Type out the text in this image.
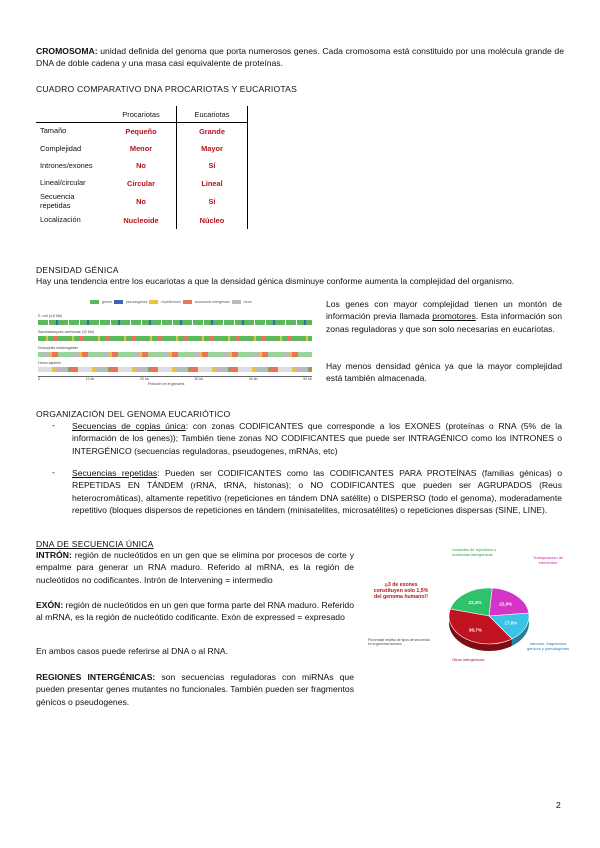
CROMOSOMA: unidad definida del genoma que porta numerosos genes. Cada cromosoma está constituido por una molécula grande de DNA de doble cadena y una masa casi equivalente de proteínas.

CUADRO COMPARATIVO DNA PROCARIOTAS Y EUCARIOTAS

	Procariotas	Eucariotas
Tamaño	Pequeño	Grande
Complejidad	Menor	Mayor
Intrones/exones	No	Sí
Lineal/circular	Circular	Lineal
Secuencia repetidas	No	Sí
Localización	Nucleoide	Núcleo

DENSIDAD GÉNICA

Hay una tendencia entre los eucariotas a que la densidad génica disminuye conforme aumenta la complejidad del organismo.

genes	pseudogenes	repeticiones	secuencia intergénica	otros
E. coli (4,6 Mb)
Saccharomyces cerevisiae (12 Mb)
Drosophila melanogaster
Homo sapiens
0	10 kb	20 kb	30 kb	40 kb	50 kb
Posición en el genoma

Los genes con mayor complejidad tienen un montón de información previa llamada promotores. Esta información son zonas reguladoras y que son solo necesarias en eucariotas.

Hay menos densidad génica ya que la mayor complejidad está también almacenada.

ORGANIZACIÓN DEL GENOMA EUCARIÓTICO

- Secuencias de copias única: con zonas CODIFICANTES que corresponde a los EXONES (proteínas o RNA (5% de la información de los genes)); También tiene zonas NO CODIFICANTES que puede ser INTRAGÉNICO como los INTRONES o INTERGÉNICO (secuencias reguladoras, pseudogenes, mRNAs, etc)

- Secuencias repetidas: Pueden ser CODIFICANTES como las CODIFICANTES PARA PROTEÍNAS (familias génicas) o REPETIDAS EN TÁNDEM (rRNA, tRNA, histonas); o NO CODIFICANTES que pueden ser AGRUPADOS (Reus heterocromáticas), altamente repetitivo (repeticiones en tándem DNA satélite) o DISPERSO (todo el genoma), moderadamente repetitivo (bloques dispersos de repeticiones en tándem (minisatelites, microsatélites) o repeticiones dispersas (SINE, LINE).

DNA DE SECUENCIA ÚNICA

INTRÓN: región de nucleótidos en un gen que se elimina por procesos de corte y empalme para generar un RNA maduro. Referido al mRNA, es la región de nucleótidos no codificantes. Intrón de Intervening = intermedio

EXÓN: región de nucleótidos en un gen que forma parte del RNA maduro. Referido al mRNA, es la región de nucleótido codificante. Exón de expressed = expresado

En ambos casos puede referirse al DNA o al RNA.

REGIONES INTERGÉNICAS: son secuencias reguladoras con miRNAs que pueden presentar genes mutantes no funcionales. También pueden ser fragmentos génicos o pseudogenes.

¡¡3 de exones constituyen solo 1,5% del genoma humano!!
Porcentaje relativo de tipos de secuencia en el genoma humano
Unidades de repetición o moléculas intergénicas
Transposición de elementos
Intrones, fragmentos génicos y pseudogenes
Otras intergénicas
22,3%	22,0%
17,0%
38,7%
2
